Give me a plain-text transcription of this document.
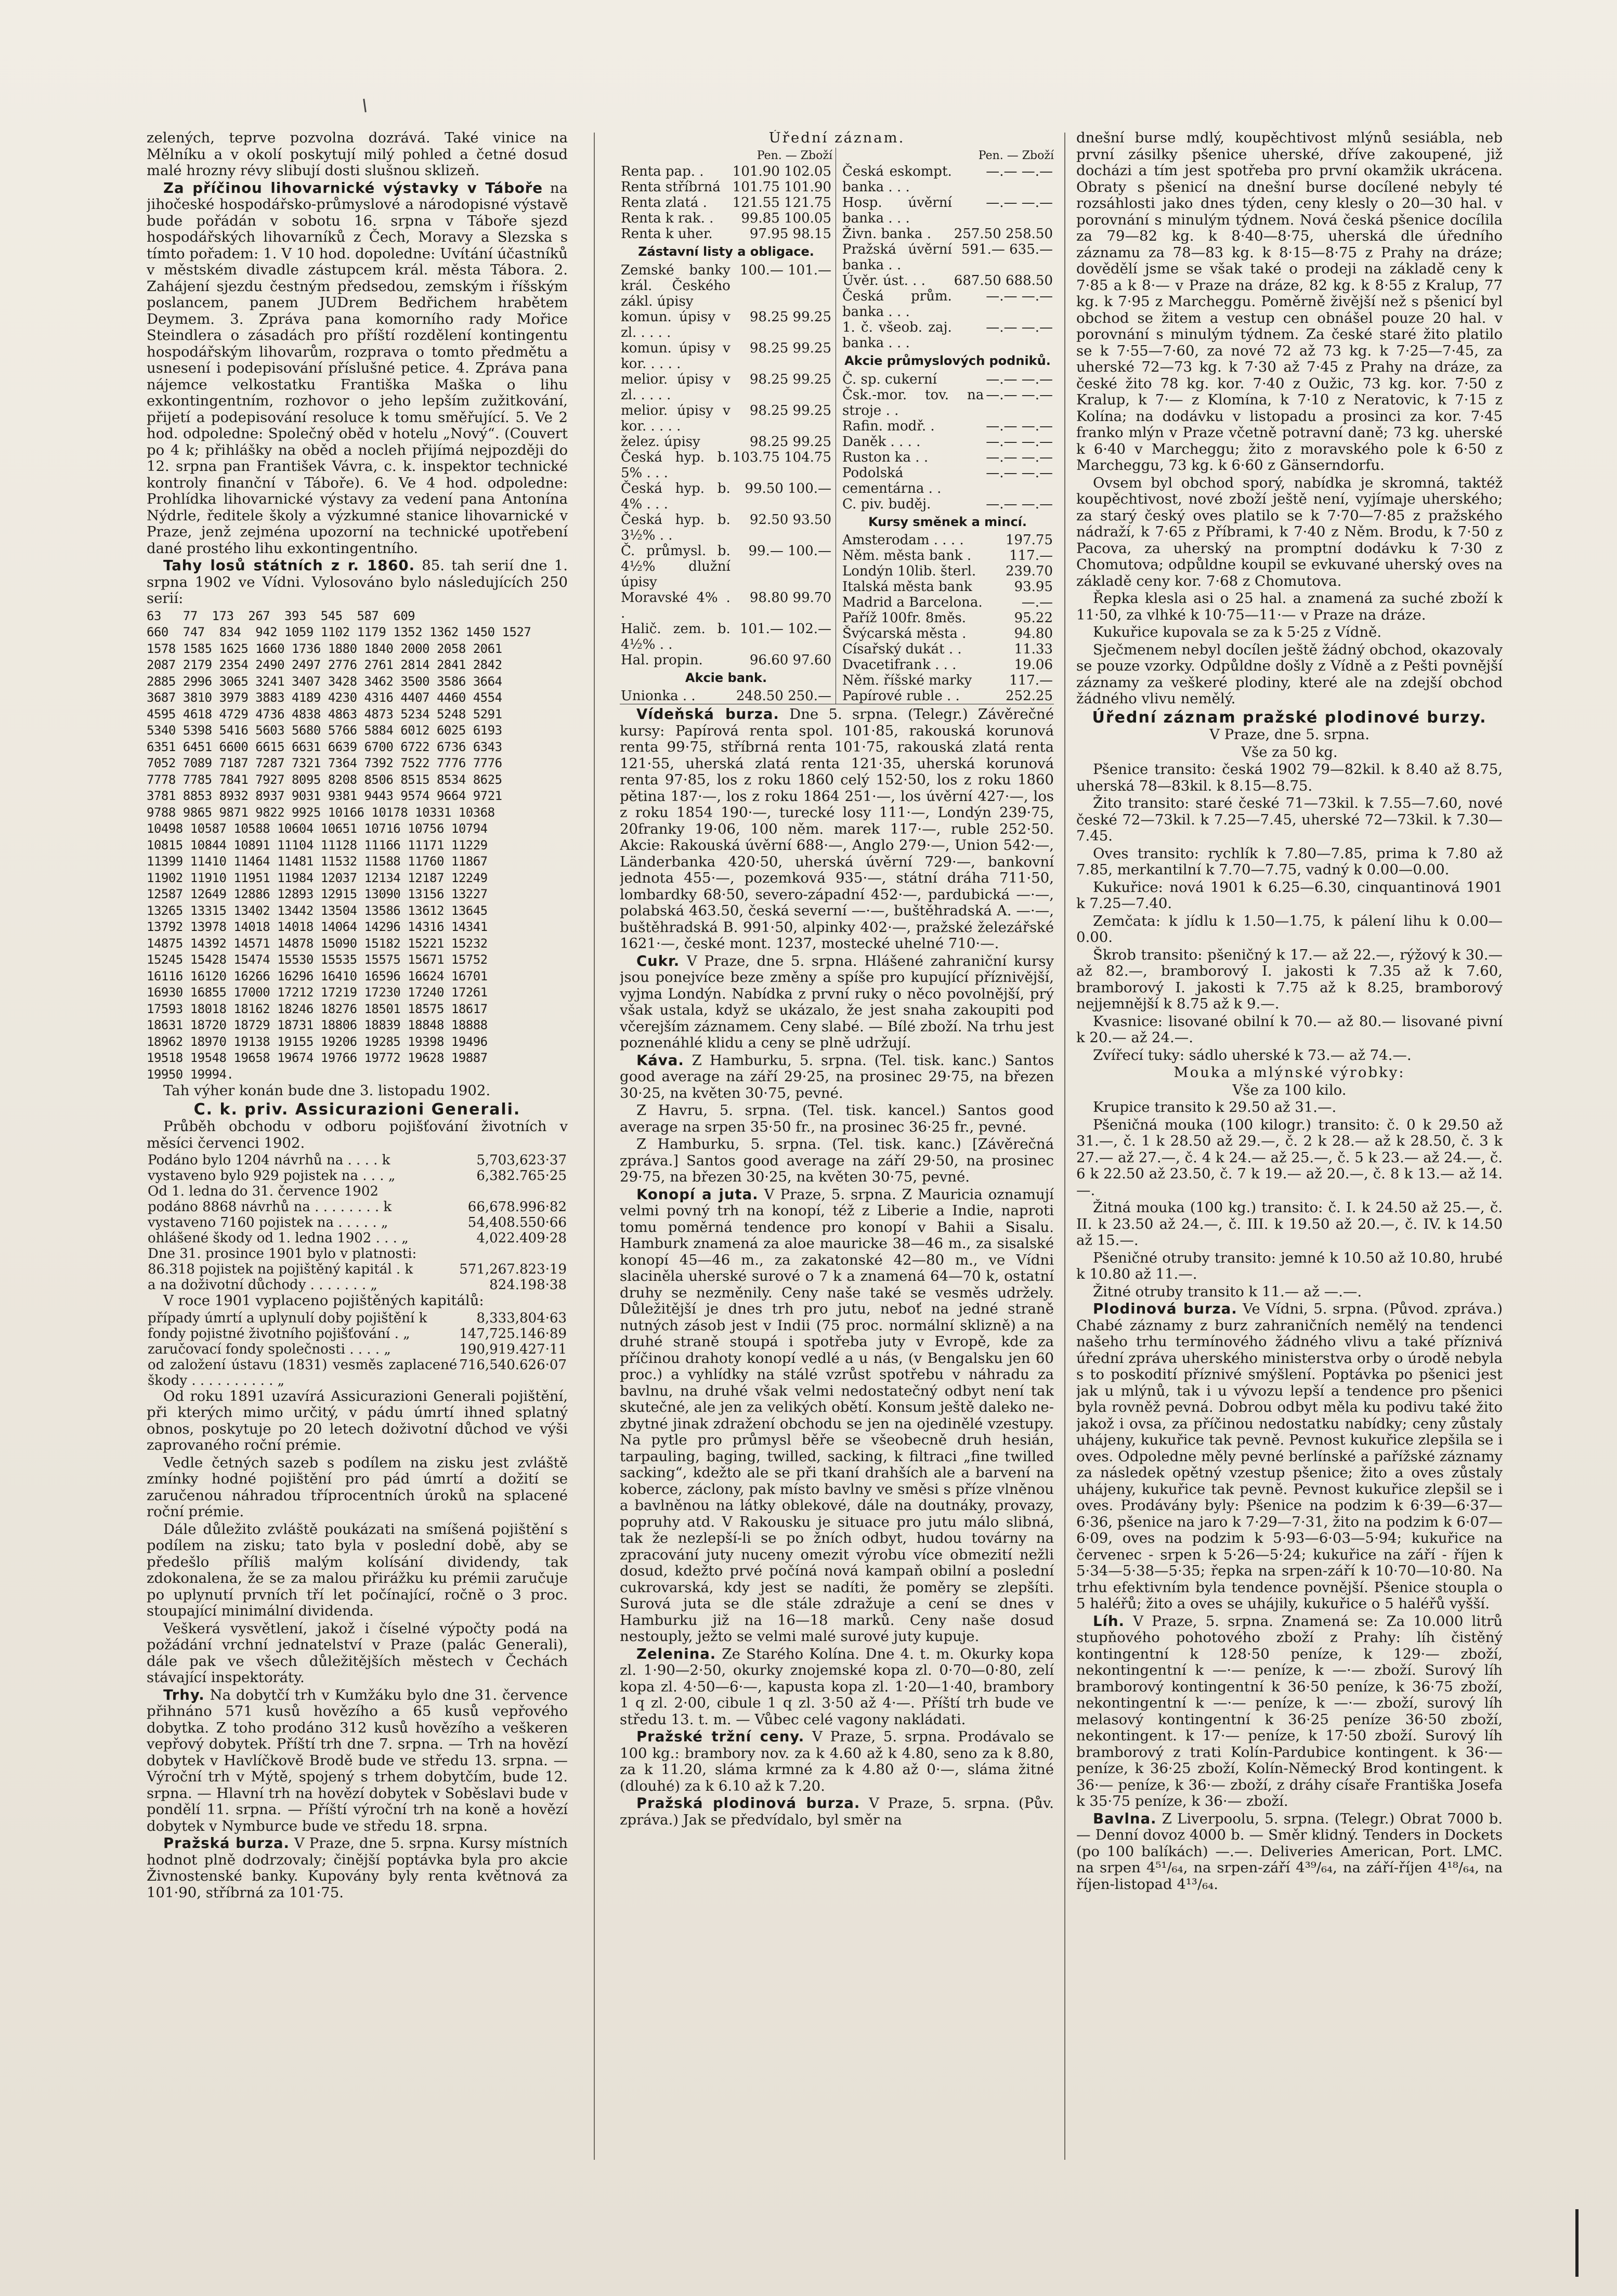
zelených, teprve pozvolna dozrává. Také vinice na Mělníku a v okolí poskytují milý pohled a četné dosud malé hrozny révy slibují dosti slušnou sklizeň.

Za příčinou lihovarnické výstavky v Táboře na jihočeské hospodářsko-průmyslové a národopisné výstavě bude pořádán v sobotu 16. srpna v Táboře sjezd hospodářských lihovarníků z Čech, Moravy a Slezska s tímto pořadem: 1. V 10 hod. dopoledne: Uvítání účastníků v městském divadle zástupcem král. města Tábora. 2. Zahájení sjezdu čestným předsedou, zemským i říšským poslancem, panem JUDrem Bedřichem hrabětem Deymem. 3. Zpráva pana komorního rady Mořice Steindlera o zásadách pro příští rozdělení kontingentu hospodářským lihovarům, rozprava o tomto předmětu a usnesení i podepisování příslušné petice. 4. Zpráva pana nájemce velkostatku Františka Maška o lihu exkontingentním, rozhovor o jeho lepším zužitkování, přijetí a podepisování resoluce k tomu směřující. 5. Ve 2 hod. odpoledne: Společný oběd v hotelu „Nový“. (Couvert po 4 k; přihlášky na oběd a nocleh přijímá nejpozději do 12. srpna pan František Vávra, c. k. inspektor technické kontroly finanční v Táboře). 6. Ve 4 hod. odpoledne: Prohlídka lihovarnické výstavy za vedení pana Antonína Nýdrle, ředitele školy a výzkumné stanice lihovarnické v Praze, jenž zejména upozorní na technické upotřebení dané prostého lihu exkontingentního.

Tahy losů státních z r. 1860. 85. tah serií dne 1. srpna 1902 ve Vídni. Vylosováno bylo následujících 250 serií:

63   77  173  267  393  545  587  609
660  747  834  942 1059 1102 1179 1352 1362 1450 1527
1578 1585 1625 1660 1736 1880 1840 2000 2058 2061
2087 2179 2354 2490 2497 2776 2761 2814 2841 2842
2885 2996 3065 3241 3407 3428 3462 3500 3586 3664
3687 3810 3979 3883 4189 4230 4316 4407 4460 4554
4595 4618 4729 4736 4838 4863 4873 5234 5248 5291
5340 5398 5416 5603 5680 5766 5884 6012 6025 6193
6351 6451 6600 6615 6631 6639 6700 6722 6736 6343
7052 7089 7187 7287 7321 7364 7392 7522 7776 7776
7778 7785 7841 7927 8095 8208 8506 8515 8534 8625
3781 8853 8932 8937 9031 9381 9443 9574 9664 9721
9788 9865 9871 9822 9925 10166 10178 10331 10368
10498 10587 10588 10604 10651 10716 10756 10794
10815 10844 10891 11104 11128 11166 11171 11229
11399 11410 11464 11481 11532 11588 11760 11867
11902 11910 11951 11984 12037 12134 12187 12249
12587 12649 12886 12893 12915 13090 13156 13227
13265 13315 13402 13442 13504 13586 13612 13645
13792 13978 14018 14018 14064 14296 14316 14341
14875 14392 14571 14878 15090 15182 15221 15232
15245 15428 15474 15530 15535 15575 15671 15752
16116 16120 16266 16296 16410 16596 16624 16701
16930 16855 17000 17212 17219 17230 17240 17261
17593 18018 18162 18246 18276 18501 18575 18617
18631 18720 18729 18731 18806 18839 18848 18888
18962 18970 19138 19155 19206 19285 19398 19496
19518 19548 19658 19674 19766 19772 19628 19887
19950 19994.

Tah výher konán bude dne 3. listopadu 1902.

C. k. priv. Assicurazioni Generali.

Průběh obchodu v odboru pojišťování životních v měsíci červenci 1902.

Podáno bylo 1204 návrhů na . . . . k	5,703,623·37
vystaveno bylo 929 pojistek na . . . „	6,382.765·25
Od 1. ledna do 31. července 1902	
podáno 8868 návrhů na . . . . . . . . k	66,678.996·82
vystaveno 7160 pojistek na . . . . . „	54,408.550·66
ohlášené škody od 1. ledna 1902 . . . „	4,022.409·28
Dne 31. prosince 1901 bylo v platnosti:	
86.318 pojistek na pojištěný kapitál . k	571,267.823·19
a na doživotní důchody . . . . . . . „	824.198·38

V roce 1901 vyplaceno pojištěných kapitálů:

případy úmrtí a uplynulí doby pojištění k	8,333,804·63
fondy pojistné životního pojišťování . „	147,725.146·89
zaručovací fondy společnosti . . . . „	190,919.427·11
od založení ústavu (1831) vesměs zaplacené škody . . . . . . . . . . „	716,540.626·07

Od roku 1891 uzavírá Assicurazioni Generali pojištění, při kterých mimo určitý, v pádu úmrtí ihned splatný obnos, poskytuje po 20 letech doživotní důchod ve výši zaprovaného roční prémie.

Vedle četných sazeb s podílem na zisku jest zvláště zmínky hodné pojištění pro pád úmrtí a dožití se zaručenou náhradou tříprocentních úroků na splacené roční prémie.

Dále důležito zvláště poukázati na smíšená pojištění s podílem na zisku; tato byla v poslední době, aby se předešlo příliš malým kolísání dividendy, tak zdokonalena, že se za malou přirážku ku prémii zaručuje po uplynutí prvních tří let počínající, ročně o 3 proc. stoupající minimální dividenda.

Veškerá vysvětlení, jakož i číselné výpočty podá na požádání vrchní jednatelství v Praze (palác Generali), dále pak ve všech důležitějších městech v Čechách stávající inspektoráty.

Trhy. Na dobytčí trh v Kumžáku bylo dne 31. července přihnáno 571 kusů hovězího a 65 kusů vepřového dobytka. Z toho prodáno 312 kusů hovězího a veškeren vepřový dobytek. Příští trh dne 7. srpna. — Trh na hovězí dobytek v Havlíčkově Brodě bude ve středu 13. srpna. — Výroční trh v Mýtě, spojený s trhem dobytčím, bude 12. srpna. — Hlavní trh na hovězí dobytek v Soběslavi bude v pondělí 11. srpna. — Příští výroční trh na koně a hovězí dobytek v Nymburce bude ve středu 18. srpna.

Pražská burza. V Praze, dne 5. srpna. Kursy místních hodnot plně dodrzovaly; činější poptávka byla pro akcie Živnostenské banky. Kupovány byly renta květnová za 101·90, stříbrná za 101·75.

Úřední záznam.
Pen. — Zboží
Renta pap. .	101.90 102.05
Renta stříbrná	101.75 101.90
Renta zlatá .	121.55 121.75
Renta k rak. .	99.85 100.05
Renta k uher.	97.95 98.15
Zástavní listy a obligace.
Zemské banky král. Českého zákl. úpisy	100.— 101.—
komun. úpisy v zl. . . . .	98.25 99.25
komun. úpisy v kor. . . . .	98.25 99.25
melior. úpisy v zl. . . . .	98.25 99.25
melior. úpisy v kor. . . . .	98.25 99.25
želez. úpisy	98.25 99.25
Česká hyp. b. 5% . . .	103.75 104.75
Česká hyp. b. 4% . . .	99.50 100.—
Česká hyp. b. 3½% . .	92.50 93.50
Č. průmysl. b. 4½% dlužní úpisy	99.— 100.—
Moravské 4% . .	98.80 99.70
Halič. zem. b. 4½% . .	101.— 102.—
Hal. propin.	96.60 97.60
Akcie bank.
Unionka . .	248.50 250.—
Pen. — Zboží
Česká eskompt. banka . . .	—.— —.—
Hosp. úvěrní banka . . .	—.— —.—
Živn. banka .	257.50 258.50
Pražská úvěrní banka . .	591.— 635.—
Úvěr. úst. . .	687.50 688.50
Česká prům. banka . . .	—.— —.—
1. č. všeob. zaj. banka . . .	—.— —.—
Akcie průmyslových podniků.
Č. sp. cukerní	—.— —.—
Čsk.-mor. tov. na stroje . .	—.— —.—
Rafin. modř. .	—.— —.—
Daněk . . . .	—.— —.—
Ruston ka . .	—.— —.—
Podolská cementárna . .	—.— —.—
C. piv. buděj.	—.— —.—
Kursy směnek a mincí.
Amsterodam . . . .	197.75
Něm. města bank .	117.—
Londýn 10lib. šterl.	239.70
Italská města bank	93.95
Madrid a Barcelona.	—.—
Paříž 100fr. 8měs.	95.22
Švýcarská města .	94.80
Císařský dukát . .	11.33
Dvacetifrank . . .	19.06
Něm. říšské marky	117.—
Papírové ruble . .	252.25

Vídeňská burza. Dne 5. srpna. (Telegr.) Závěrečné kursy: Papírová renta spol. 101·85, rakouská korunová renta 99·75, stříbrná renta 101·75, rakouská zlatá renta 121·55, uherská zlatá renta 121·35, uherská korunová renta 97·85, los z roku 1860 celý 152·50, los z roku 1860 pětina 187·—, los z roku 1864 251·—, los úvěrní 427·—, los z roku 1854 190·—, turecké losy 111·—, Londýn 239·75, 20franky 19·06, 100 něm. marek 117·—, ruble 252·50. Akcie: Rakouská úvěrní 688·—, Anglo 279·—, Union 542·—, Länderbanka 420·50, uherská úvěrní 729·—, bankovní jednota 455·—, pozemková 935·—, státní dráha 711·50, lombardky 68·50, severo-západní 452·—, pardubická —·—, polabská 463.50, česká severní —·—, buštěhradská A. —·—, buštěhradská B. 991·50, alpinky 402·—, pražské železářské 1621·—, české mont. 1237, mostecké uhelné 710·—.

Cukr. V Praze, dne 5. srpna. Hlášené zahraniční kursy jsou ponejvíce beze změny a spíše pro kupující příznivější, vyjma Londýn. Nabídka z první ruky o něco povolnější, prý však ustala, když se ukázalo, že jest snaha zakoupiti pod včerejším záznamem. Ceny slabé. — Bílé zboží. Na trhu jest poznenáhlé klidu a ceny se plně udržují.

Káva. Z Hamburku, 5. srpna. (Tel. tisk. kanc.) Santos good average na září 29·25, na prosinec 29·75, na březen 30·25, na květen 30·75, pevné.

Z Havru, 5. srpna. (Tel. tisk. kancel.) Santos good average na srpen 35·50 fr., na prosinec 36·25 fr., pevné.

Z Hamburku, 5. srpna. (Tel. tisk. kanc.) [Závěrečná zpráva.] Santos good average na září 29·50, na prosinec 29·75, na březen 30·25, na květen 30·75, pevné.

Konopí a juta. V Praze, 5. srpna. Z Mauricia oznamují velmi povný trh na konopí, též z Liberie a Indie, naproti tomu poměrná tendence pro konopí v Bahii a Sisalu. Hamburk znamená za aloe mauricke 38—46 m., za sisalské konopí 45—46 m., za zakatonské 42—80 m., ve Vídni slaciněla uherské surové o 7 k a znamená 64—70 k, ostatní druhy se nezměnily. Ceny naše také se vesměs udržely. Důležitější je dnes trh pro jutu, neboť na jedné straně nutných zásob jest v Indii (75 proc. normální sklizně) a na druhé straně stoupá i spotřeba juty v Evropě, kde za příčinou drahoty konopí vedlé a u nás, (v Bengalsku jen 60 proc.) a vyhlídky na stálé vzrůst spotřebu v náhradu za bavlnu, na druhé však velmi nedostatečný odbyt není tak skutečné, ale jen za velikých obětí. Konsum ještě daleko ne- zbytné jinak zdražení obchodu se jen na ojedinělé vzestupy. Na pytle pro průmysl běře se všeobecně druh hesián, tarpauling, baging, twilled, sacking, k filtraci „fine twilled sacking“, kdežto ale se při tkaní drahších ale a barvení na koberce, záclony, pak místo bavlny ve směsi s příze vlněnou a bavlněnou na látky oblekové, dále na doutnáky, provazy, popruhy atd. V Rakousku je situace pro jutu málo slibná, tak že nezlepší-li se po žních odbyt, hudou továrny na zpracování juty nuceny omezit výrobu více obmezití nežli dosud, kdežto prvé počíná nová kampaň obilní a poslední cukrovarská, kdy jest se nadíti, že poměry se zlepšíti. Surová juta se dle stále zdražuje a cení se dnes v Hamburku již na 16—18 marků. Ceny naše dosud nestouply, ježto se velmi malé surové juty kupuje.

Zelenina. Ze Starého Kolína. Dne 4. t. m. Okurky kopa zl. 1·90—2·50, okurky znojemské kopa zl. 0·70—0·80, zelí kopa zl. 4·50—6·—, kapusta kopa zl. 1·20—1·40, brambory 1 q zl. 2·00, cibule 1 q zl. 3·50 až 4·—. Příští trh bude ve středu 13. t. m. — Vůbec celé vagony nakládati.

Pražské tržní ceny. V Praze, 5. srpna. Prodávalo se 100 kg.: brambory nov. za k 4.60 až k 4.80, seno za k 8.80, za k 11.20, sláma krmné za k 4.80 až 0·—, sláma žitné (dlouhé) za k 6.10 až k 7.20.

Pražská plodinová burza. V Praze, 5. srpna. (Pův. zpráva.) Jak se předvídalo, byl směr na

dnešní burse mdlý, koupěchtivost mlýnů sesiábla, neb první zásilky pšenice uherské, dříve zakoupené, již docházi a tím jest spotřeba pro první okamžik ukrácena. Obraty s pšenicí na dnešní burse docílené nebyly té rozsáhlosti jako dnes týden, ceny klesly o 20—30 hal. v porovnání s minulým týdnem. Nová česká pšenice docílila za 79—82 kg. k 8·40—8·75, uherská dle úředního záznamu za 78—83 kg. k 8·15—8·75 z Prahy na dráze; dovědělí jsme se však také o prodeji na základě ceny k 7·85 a k 8·— v Praze na dráze, 82 kg. k 8·55 z Kralup, 77 kg. k 7·95 z Marcheggu. Poměrně živější než s pšenicí byl obchod se žitem a vestup cen obnášel pouze 20 hal. v porovnání s minulým týdnem. Za české staré žito platilo se k 7·55—7·60, za nové 72 až 73 kg. k 7·25—7·45, za uherské 72—73 kg. k 7·30 až 7·45 z Prahy na dráze, za české žito 78 kg. kor. 7·40 z Oužic, 73 kg. kor. 7·50 z Kralup, k 7·— z Klomína, k 7·10 z Neratovic, k 7·15 z Kolína; na dodávku v listopadu a prosinci za kor. 7·45 franko mlýn v Praze včetně potravní daně; 73 kg. uherské k 6·40 v Marcheggu; žito z moravského pole k 6·50 z Marcheggu, 73 kg. k 6·60 z Gänserndorfu.

Ovsem byl obchod sporý, nabídka je skromná, taktéž koupěchtivost, nové zboží ještě není, vyjímaje uherského; za starý český oves platilo se k 7·70—7·85 z pražského nádraží, k 7·65 z Příbrami, k 7·40 z Něm. Brodu, k 7·50 z Pacova, za uherský na promptní dodávku k 7·30 z Chomutova; odpůldne koupil se evkuvané uherský oves na základě ceny kor. 7·68 z Chomutova.

Řepka klesla asi o 25 hal. a znamená za suché zboží k 11·50, za vlhké k 10·75—11·— v Praze na dráze.

Kukuřice kupovala se za k 5·25 z Vídně.

Sječmenem nebyl docílen ještě žádný obchod, okazovaly se pouze vzorky. Odpůldne došly z Vídně a z Pešti povnější záznamy za veškeré plodiny, které ale na zdejší obchod žádného vlivu nemělý.

Úřední záznam pražské plodinové burzy.
V Praze, dne 5. srpna.
Vše za 50 kg.

Pšenice transito: česká 1902 79—82kil. k 8.40 až 8.75, uherská 78—83kil. k 8.15—8.75.

Žito transito: staré české 71—73kil. k 7.55—7.60, nové české 72—73kil. k 7.25—7.45, uherské 72—73kil. k 7.30—7.45.

Oves transito: rychlík k 7.80—7.85, prima k 7.80 až 7.85, merkantilní k 7.70—7.75, vadný k 0.00—0.00.

Kukuřice: nová 1901 k 6.25—6.30, cinquantinová 1901 k 7.25—7.40.

Zemčata: k jídlu k 1.50—1.75, k pálení lihu k 0.00—0.00.

Škrob transito: pšeničný k 17.— až 22.—, rýžový k 30.— až 82.—, bramborový I. jakosti k 7.35 až k 7.60, bramborový I. jakosti k 7.75 až k 8.25, bramborový nejjemnější k 8.75 až k 9.—.

Kvasnice: lisované obilní k 70.— až 80.— lisované pivní k 20.— až 24.—.

Zvířecí tuky: sádlo uherské k 73.— až 74.—.

Mouka a mlýnské výrobky:
Vše za 100 kilo.

Krupice transito k 29.50 až 31.—.

Pšeničná mouka (100 kilogr.) transito: č. 0 k 29.50 až 31.—, č. 1 k 28.50 až 29.—, č. 2 k 28.— až k 28.50, č. 3 k 27.— až 27.—, č. 4 k 24.— až 25.—, č. 5 k 23.— až 24.—, č. 6 k 22.50 až 23.50, č. 7 k 19.— až 20.—, č. 8 k 13.— až 14.—.

Žitná mouka (100 kg.) transito: č. I. k 24.50 až 25.—, č. II. k 23.50 až 24.—, č. III. k 19.50 až 20.—, č. IV. k 14.50 až 15.—.

Pšeničné otruby transito: jemné k 10.50 až 10.80, hrubé k 10.80 až 11.—.

Žitné otruby transito k 11.— až —.—.

Plodinová burza. Ve Vídni, 5. srpna. (Původ. zpráva.) Chabé záznamy z burz zahraničních nemělý na tendenci našeho trhu termínového žádného vlivu a také příznivá úřední zpráva uherského ministerstva orby o úrodě nebyla s to poskodití příznivé smýšlení. Poptávka po pšenici jest jak u mlýnů, tak i u vývozu lepší a tendence pro pšenici byla rovněž pevná. Dobrou odbyt měla ku podivu také žito jakož i ovsa, za příčinou nedostatku nabídky; ceny zůstaly uhájeny, kukuřice tak pevně. Pevnost kukuřice zlepšila se i oves. Odpoledne měly pevné berlínské a pařížské záznamy za následek opětný vzestup pšenice; žito a oves zůstaly uhájeny, kukuřice tak pevně. Pevnost kukuřice zlepšil se i oves. Prodávány byly: Pšenice na podzim k 6·39—6·37—6·36, pšenice na jaro k 7·29—7·31, žito na podzim k 6·07—6·09, oves na podzim k 5·93—6·03—5·94; kukuřice na červenec - srpen k 5·26—5·24; kukuřice na září - říjen k 5·34—5·38—5·35; řepka na srpen-září k 10·70—10·80. Na trhu efektivním byla tendence povnější. Pšenice stoupla o 5 haléřů; žito a oves se uhájily, kukuřice o 5 haléřů vyšší.

Líh. V Praze, 5. srpna. Znamená se: Za 10.000 litrů stupňového pohotového zboží z Prahy: líh čistěný kontingentní k 128·50 peníze, k 129·— zboží, nekontingentní k —·— peníze, k —·— zboží. Surový líh bramborový kontingentní k 36·50 peníze, k 36·75 zboží, nekontingentní k —·— peníze, k —·— zboží, surový líh melasový kontingentní k 36·25 peníze 36·50 zboží, nekontingent. k 17·— peníze, k 17·50 zboží. Surový líh bramborový z trati Kolín-Pardubice kontingent. k 36·— peníze, k 36·25 zboží, Kolín-Německý Brod kontingent. k 36·— peníze, k 36·— zboží, z dráhy císaře Františka Josefa k 35·75 peníze, k 36·— zboží.

Bavlna. Z Liverpoolu, 5. srpna. (Telegr.) Obrat 7000 b. — Denní dovoz 4000 b. — Směr klidný. Tenders in Dockets (po 100 balíkách) —.—. Deliveries American, Port. LMC. na srpen 4⁵¹/₆₄, na srpen-září 4³⁹/₆₄, na září-říjen 4¹⁸/₆₄, na říjen-listopad 4¹³/₆₄.
